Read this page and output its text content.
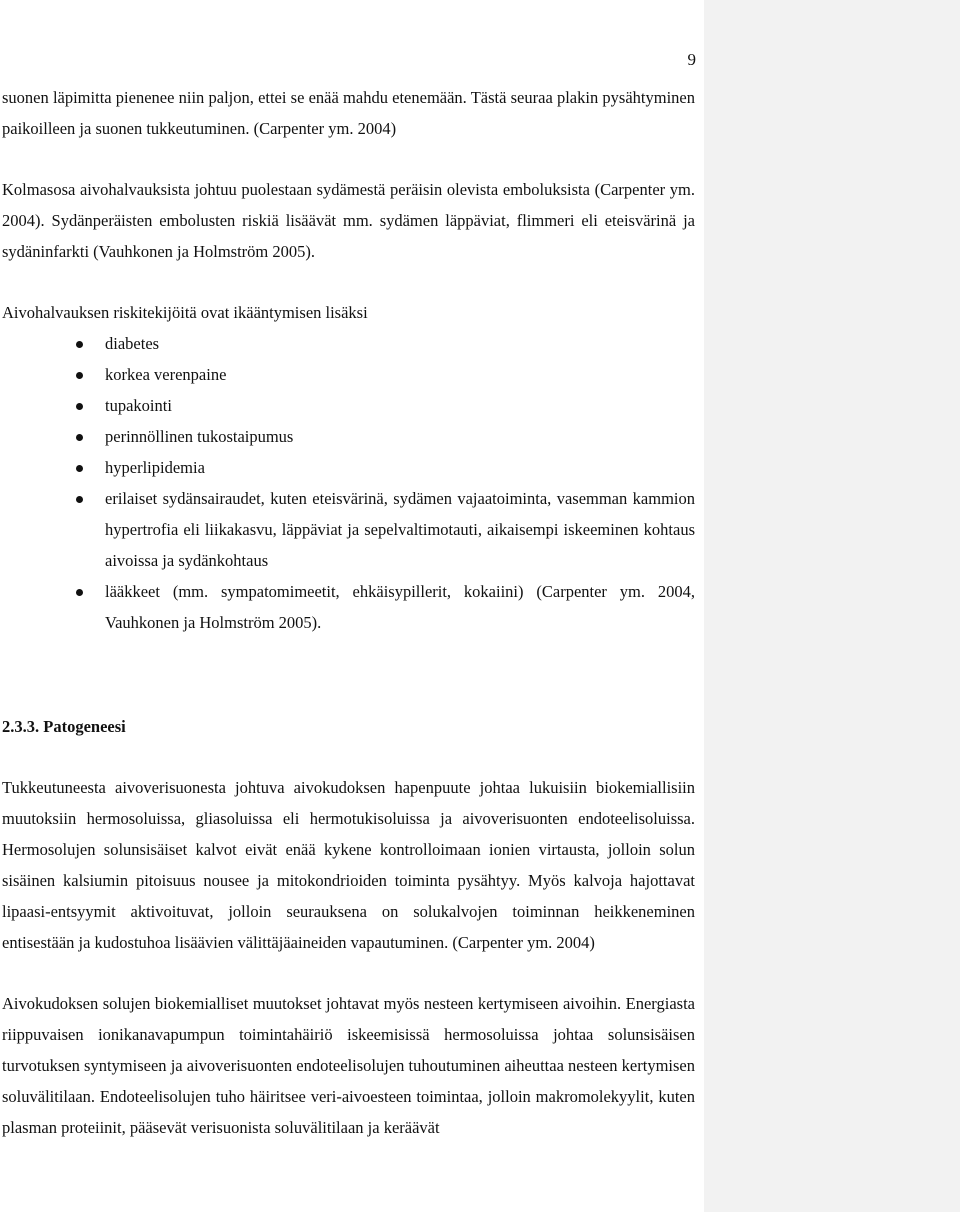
9

suonen läpimitta pienenee niin paljon, ettei se enää mahdu etenemään. Tästä seuraa plakin pysähtyminen paikoilleen ja suonen tukkeutuminen. (Carpenter ym. 2004)

Kolmasosa aivohalvauksista johtuu puolestaan sydämestä peräisin olevista emboluksista (Carpenter ym. 2004). Sydänperäisten embolusten riskiä lisäävät mm. sydämen läppäviat, flimmeri eli eteisvärinä ja sydäninfarkti (Vauhkonen ja Holmström 2005).

Aivohalvauksen riskitekijöitä ovat ikääntymisen lisäksi

diabetes
korkea verenpaine
tupakointi
perinnöllinen tukostaipumus
hyperlipidemia
erilaiset sydänsairaudet, kuten eteisvärinä, sydämen vajaatoiminta, vasemman kammion hypertrofia eli liikakasvu, läppäviat ja sepelvaltimotauti, aikaisempi iskeeminen kohtaus aivoissa ja sydänkohtaus
lääkkeet (mm. sympatomimeetit, ehkäisypillerit, kokaiini) (Carpenter ym. 2004, Vauhkonen ja Holmström 2005).

2.3.3. Patogeneesi

Tukkeutuneesta aivoverisuonesta johtuva aivokudoksen hapenpuute johtaa lukuisiin biokemiallisiin muutoksiin hermosoluissa, gliasoluissa eli hermotukisoluissa ja aivoverisuonten endoteelisoluissa. Hermosolujen solunsisäiset kalvot eivät enää kykene kontrolloimaan ionien virtausta, jolloin solun sisäinen kalsiumin pitoisuus nousee ja mitokondrioiden toiminta pysähtyy. Myös kalvoja hajottavat lipaasi-entsyymit aktivoituvat, jolloin seurauksena on solukalvojen toiminnan heikkeneminen entisestään ja kudostuhoa lisäävien välittäjäaineiden vapautuminen. (Carpenter ym. 2004)

Aivokudoksen solujen biokemialliset muutokset johtavat myös nesteen kertymiseen aivoihin. Energiasta riippuvaisen ionikanavapumpun toimintahäiriö iskeemisissä hermosoluissa johtaa solunsisäisen turvotuksen syntymiseen ja aivoverisuonten endoteelisolujen tuhoutuminen aiheuttaa nesteen kertymisen soluvälitilaan. Endoteelisolujen tuho häiritsee veri-aivoesteen toimintaa, jolloin makromolekyylit, kuten plasman proteiinit, pääsevät verisuonista soluvälitilaan ja keräävät
